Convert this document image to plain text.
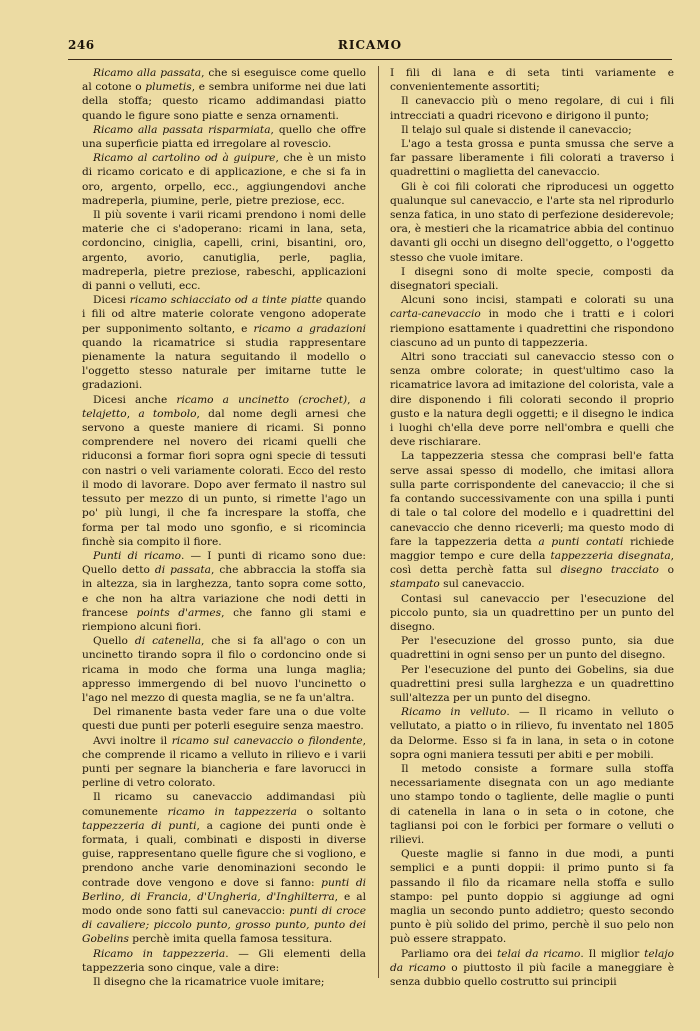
246	RICAMO

Ricamo alla passata, che si eseguisce come quello al cotone o plumetis, e sembra uniforme nei due lati della stoffa; questo ricamo addimandasi piatto quando le figure sono piatte e senza ornamenti.

Ricamo alla passata risparmiata, quello che offre una superficie piatta ed irregolare al rovescio.

Ricamo al cartolino od à guipure, che è un misto di ricamo coricato e di applicazione, e che si fa in oro, argento, orpello, ecc., aggiungendovi anche madreperla, piumine, perle, pietre preziose, ecc.

Il più sovente i varii ricami prendono i nomi delle materie che ci s'adoperano: ricami in lana, seta, cordoncino, ciniglia, capelli, crini, bisantini, oro, argento, avorio, canutiglia, perle, paglia, madreperla, pietre preziose, rabeschi, applicazioni di panni o velluti, ecc.

Dicesi ricamo schiacciato od a tinte piatte quando i fili od altre materie colorate vengono adoperate per supponimento soltanto, e ricamo a gradazioni quando la ricamatrice si studia rappresentare pienamente la natura seguitando il modello o l'oggetto stesso naturale per imitarne tutte le gradazioni.

Dicesi anche ricamo a uncinetto (crochet), a telajetto, a tombolo, dal nome degli arnesi che servono a queste maniere di ricami. Si ponno comprendere nel novero dei ricami quelli che riduconsi a formar fiori sopra ogni specie di tessuti con nastri o veli variamente colorati. Ecco del resto il modo di lavorare. Dopo aver fermato il nastro sul tessuto per mezzo di un punto, si rimette l'ago un po' più lungi, il che fa increspare la stoffa, che forma per tal modo uno sgonfio, e si ricomincia finchè sia compito il fiore.

Punti di ricamo. — I punti di ricamo sono due: Quello detto di passata, che abbraccia la stoffa sia in altezza, sia in larghezza, tanto sopra come sotto, e che non ha altra variazione che nodi detti in francese points d'armes, che fanno gli stami e riempiono alcuni fiori.

Quello di catenella, che si fa all'ago o con un uncinetto tirando sopra il filo o cordoncino onde si ricama in modo che forma una lunga maglia; appresso immergendo di bel nuovo l'uncinetto o l'ago nel mezzo di questa maglia, se ne fa un'altra.

Del rimanente basta veder fare una o due volte questi due punti per poterli eseguire senza maestro.

Avvi inoltre il ricamo sul canevaccio o filondente, che comprende il ricamo a velluto in rilievo e i varii punti per segnare la biancheria e fare lavorucci in perline di vetro colorato.

Il ricamo su canevaccio addimandasi più comunemente ricamo in tappezzeria o soltanto tappezzeria di punti, a cagione dei punti onde è formata, i quali, combinati e disposti in diverse guise, rappresentano quelle figure che si vogliono, e prendono anche varie denominazioni secondo le contrade dove vengono e dove si fanno: punti di Berlino, di Francia, d'Ungheria, d'Inghilterra, e al modo onde sono fatti sul canevaccio: punti di croce di cavaliere; piccolo punto, grosso punto, punto dei Gobelins perchè imita quella famosa tessitura.

Ricamo in tappezzeria. — Gli elementi della tappezzeria sono cinque, vale a dire:

Il disegno che la ricamatrice vuole imitare;

I fili di lana e di seta tinti variamente e convenientemente assortiti;

Il canevaccio più o meno regolare, di cui i fili intrecciati a quadri ricevono e dirigono il punto;

Il telajo sul quale si distende il canevaccio;

L'ago a testa grossa e punta smussa che serve a far passare liberamente i fili colorati a traverso i quadrettini o maglietta del canevaccio.

Gli è coi fili colorati che riproducesi un oggetto qualunque sul canevaccio, e l'arte sta nel riprodurlo senza fatica, in uno stato di perfezione desiderevole; ora, è mestieri che la ricamatrice abbia del continuo davanti gli occhi un disegno dell'oggetto, o l'oggetto stesso che vuole imitare.

I disegni sono di molte specie, composti da disegnatori speciali.

Alcuni sono incisi, stampati e colorati su una carta-canevaccio in modo che i tratti e i colori riempiono esattamente i quadrettini che rispondono ciascuno ad un punto di tappezzeria.

Altri sono tracciati sul canevaccio stesso con o senza ombre colorate; in quest'ultimo caso la ricamatrice lavora ad imitazione del colorista, vale a dire disponendo i fili colorati secondo il proprio gusto e la natura degli oggetti; e il disegno le indica i luoghi ch'ella deve porre nell'ombra e quelli che deve rischiarare.

La tappezzeria stessa che comprasi bell'e fatta serve assai spesso di modello, che imitasi allora sulla parte corrispondente del canevaccio; il che si fa contando successivamente con una spilla i punti di tale o tal colore del modello e i quadrettini del canevaccio che denno riceverli; ma questo modo di fare la tappezzeria detta a punti contati richiede maggior tempo e cure della tappezzeria disegnata, così detta perchè fatta sul disegno tracciato o stampato sul canevaccio.

Contasi sul canevaccio per l'esecuzione del piccolo punto, sia un quadrettino per un punto del disegno.

Per l'esecuzione del grosso punto, sia due quadrettini in ogni senso per un punto del disegno.

Per l'esecuzione del punto dei Gobelins, sia due quadrettini presi sulla larghezza e un quadrettino sull'altezza per un punto del disegno.

Ricamo in velluto. — Il ricamo in velluto o vellutato, a piatto o in rilievo, fu inventato nel 1805 da Delorme. Esso si fa in lana, in seta o in cotone sopra ogni maniera tessuti per abiti e per mobili.

Il metodo consiste a formare sulla stoffa necessariamente disegnata con un ago mediante uno stampo tondo o tagliente, delle maglie o punti di catenella in lana o in seta o in cotone, che tagliansi poi con le forbici per formare o velluti o rilievi.

Queste maglie si fanno in due modi, a punti semplici e a punti doppii: il primo punto si fa passando il filo da ricamare nella stoffa e sullo stampo: pel punto doppio si aggiunge ad ogni maglia un secondo punto addietro; questo secondo punto è più solido del primo, perchè il suo pelo non può essere strappato.

Parliamo ora dei telai da ricamo. Il miglior telajo da ricamo o piuttosto il più facile a maneggiare è senza dubbio quello costrutto sui principii
